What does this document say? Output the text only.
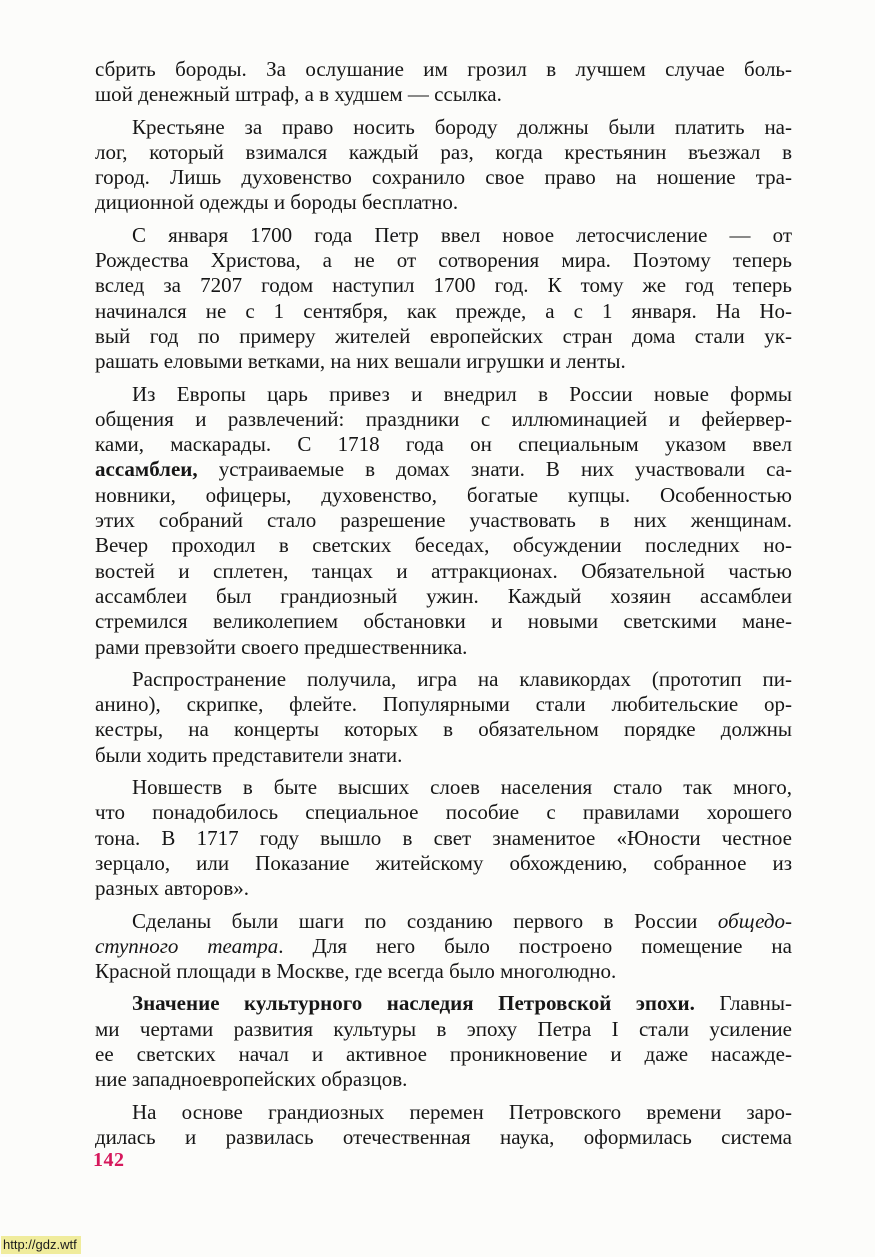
сбрить бороды. За ослушание им грозил в лучшем случае боль-
шой денежный штраф, а в худшем — ссылка.
Крестьяне за право носить бороду должны были платить на-
лог, который взимался каждый раз, когда крестьянин въезжал в
город. Лишь духовенство сохранило свое право на ношение тра-
диционной одежды и бороды бесплатно.
С января 1700 года Петр ввел новое летосчисление — от
Рождества Христова, а не от сотворения мира. Поэтому теперь
вслед за 7207 годом наступил 1700 год. К тому же год теперь
начинался не с 1 сентября, как прежде, а с 1 января. На Но-
вый год по примеру жителей европейских стран дома стали ук-
рашать еловыми ветками, на них вешали игрушки и ленты.
Из Европы царь привез и внедрил в России новые формы
общения и развлечений: праздники с иллюминацией и фейервер-
ками, маскарады. С 1718 года он специальным указом ввел
ассамблеи, устраиваемые в домах знати. В них участвовали са-
новники, офицеры, духовенство, богатые купцы. Особенностью
этих собраний стало разрешение участвовать в них женщинам.
Вечер проходил в светских беседах, обсуждении последних но-
востей и сплетен, танцах и аттракционах. Обязательной частью
ассамблеи был грандиозный ужин. Каждый хозяин ассамблеи
стремился великолепием обстановки и новыми светскими мане-
рами превзойти своего предшественника.
Распространение получила, игра на клавикордах (прототип пи-
анино), скрипке, флейте. Популярными стали любительские ор-
кестры, на концерты которых в обязательном порядке должны
были ходить представители знати.
Новшеств в быте высших слоев населения стало так много,
что понадобилось специальное пособие с правилами хорошего
тона. В 1717 году вышло в свет знаменитое «Юности честное
зерцало, или Показание житейскому обхождению, собранное из
разных авторов».
Сделаны были шаги по созданию первого в России общедо-
ступного театра. Для него было построено помещение на
Красной площади в Москве, где всегда было многолюдно.
Значение культурного наследия Петровской эпохи. Главны-
ми чертами развития культуры в эпоху Петра I стали усиление
ее светских начал и активное проникновение и даже насажде-
ние западноевропейских образцов.
На основе грандиозных перемен Петровского времени заро-
дилась и развилась отечественная наука, оформилась система
142
http://gdz.wtf
